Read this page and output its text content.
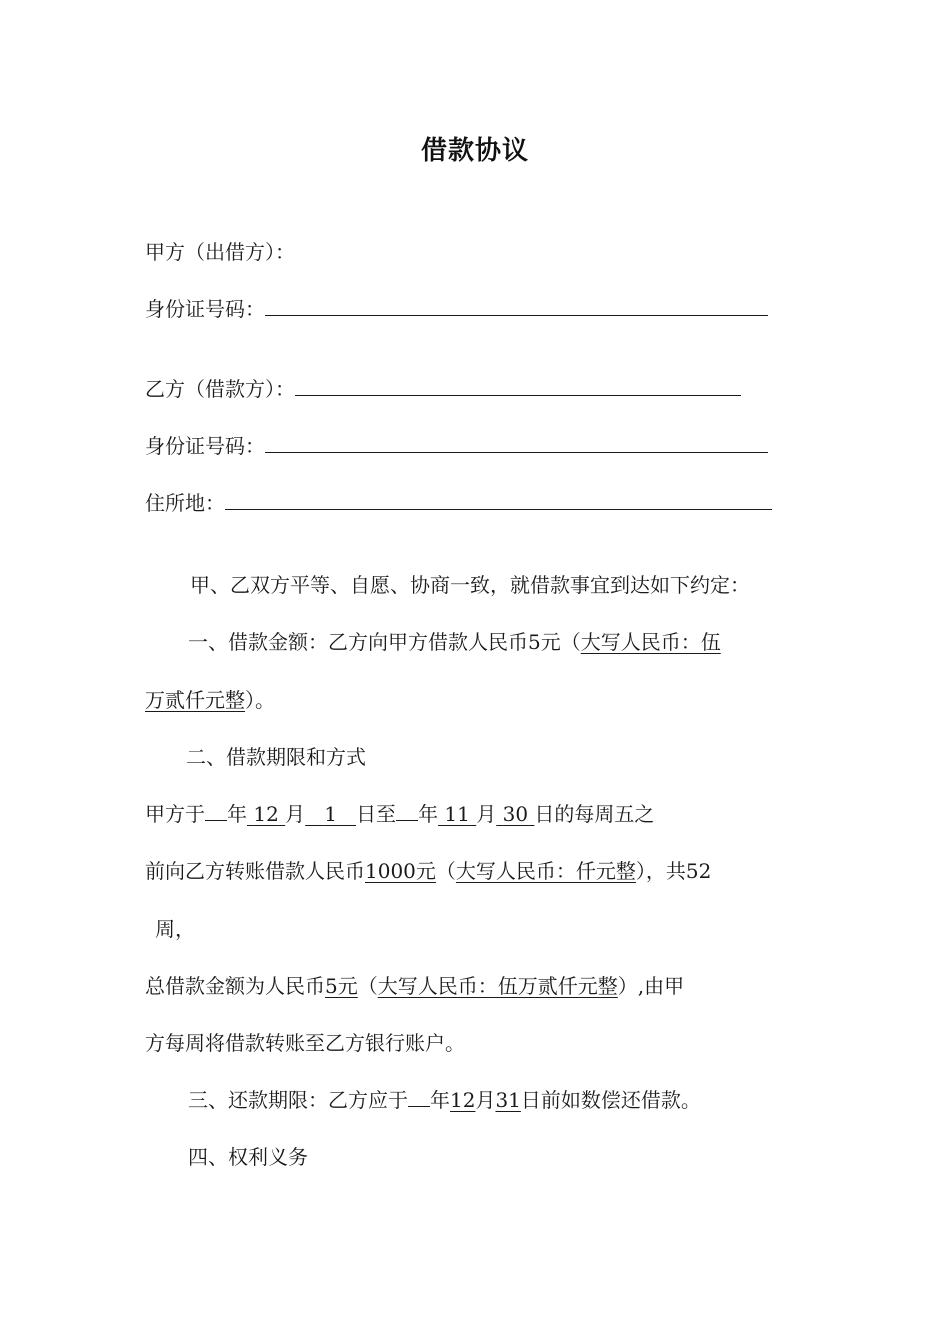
借款协议
甲方（出借方）：
身份证号码：
乙方（借款方）：
身份证号码：
住所地：
甲、乙双方平等、自愿、协商一致，就借款事宜到达如下约定：
一、借款金额：乙方向甲方借款人民币5元（大写人民币：伍
万贰仟元整）。
二、借款期限和方式
甲方于 年 12 月 1 日至 年 11 月 30 日的每周五之
前向乙方转账借款人民币1000元（大写人民币：仟元整），共52
周，
总借款金额为人民币5元（大写人民币：伍万贰仟元整）,由甲
方每周将借款转账至乙方银行账户。
三、还款期限：乙方应于 年12月31日前如数偿还借款。
四、权利义务
